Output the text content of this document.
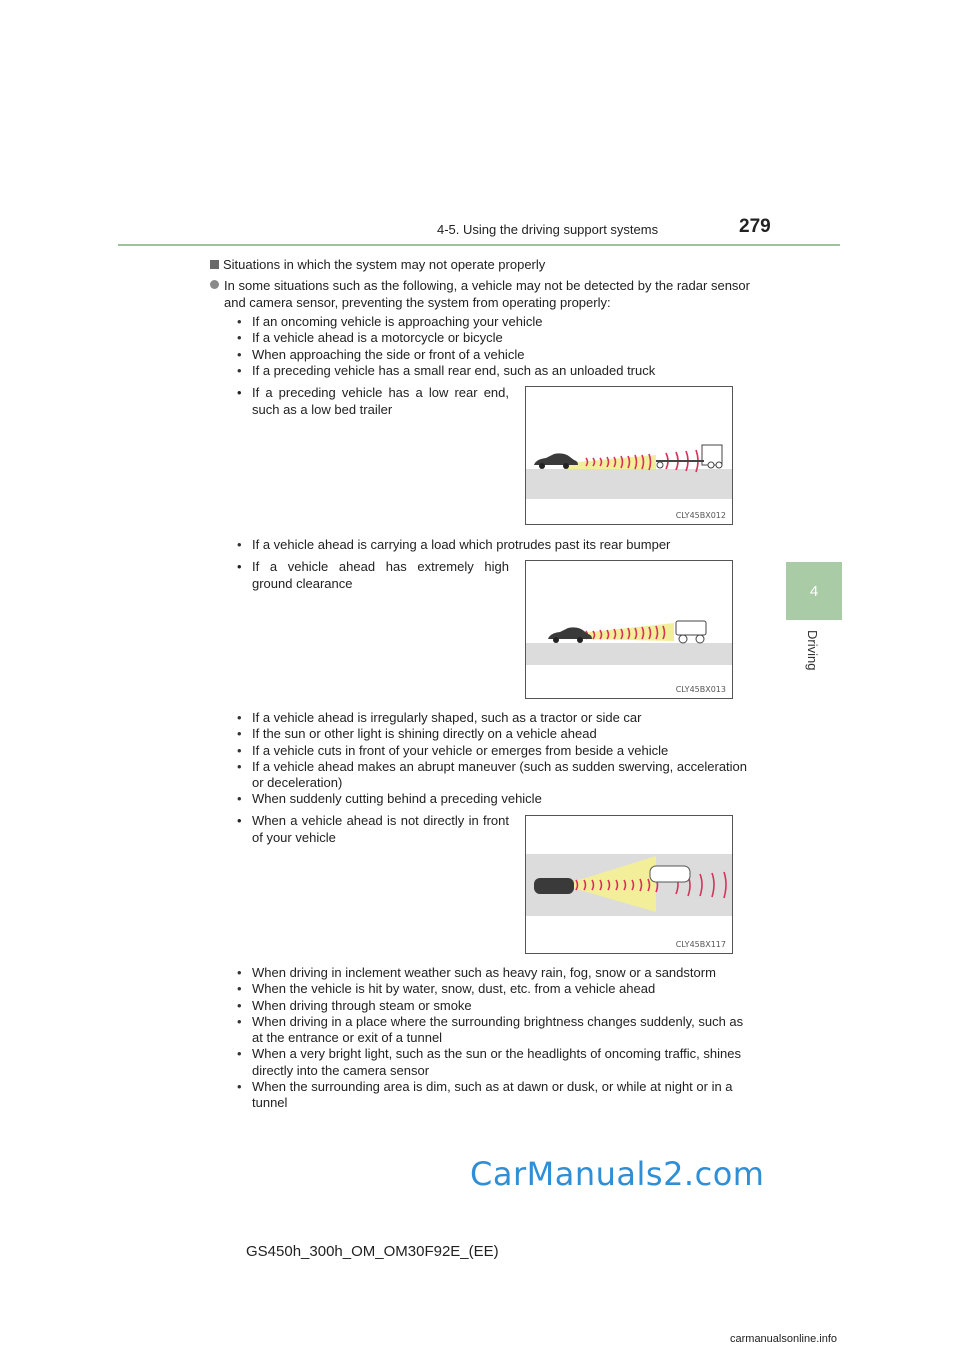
4-5. Using the driving support systems	279
4
Driving
Situations in which the system may not operate properly
In some situations such as the following, a vehicle may not be detected by the radar sensor and camera sensor, preventing the system from operating properly:
• If an oncoming vehicle is approaching your vehicle
• If a vehicle ahead is a motorcycle or bicycle
• When approaching the side or front of a vehicle
• If a preceding vehicle has a small rear end, such as an unloaded truck
• If a preceding vehicle has a low rear end, such as a low bed trailer
CLY45BX012
• If a vehicle ahead is carrying a load which protrudes past its rear bumper
• If a vehicle ahead has extremely high ground clearance
CLY45BX013
• If a vehicle ahead is irregularly shaped, such as a tractor or side car
• If the sun or other light is shining directly on a vehicle ahead
• If a vehicle cuts in front of your vehicle or emerges from beside a vehicle
• If a vehicle ahead makes an abrupt maneuver (such as sudden swerving, acceleration or deceleration)
• When suddenly cutting behind a preceding vehicle
• When a vehicle ahead is not directly in front of your vehicle
CLY45BX117
• When driving in inclement weather such as heavy rain, fog, snow or a sandstorm
• When the vehicle is hit by water, snow, dust, etc. from a vehicle ahead
• When driving through steam or smoke
• When driving in a place where the surrounding brightness changes suddenly, such as at the entrance or exit of a tunnel
• When a very bright light, such as the sun or the headlights of oncoming traffic, shines directly into the camera sensor
• When the surrounding area is dim, such as at dawn or dusk, or while at night or in a tunnel
CarManuals2.com
GS450h_300h_OM_OM30F92E_(EE)
carmanualsonline.info
